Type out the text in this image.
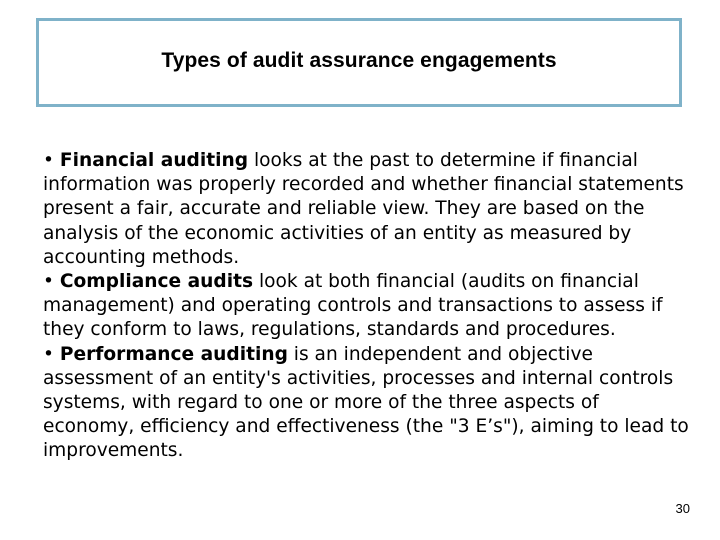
Types of audit assurance engagements

• Financial auditing looks at the past to determine if financial information was properly recorded and whether financial statements present a fair, accurate and reliable view. They are based on the analysis of the economic activities of an entity as measured by accounting methods.

• Compliance audits look at both financial (audits on financial management) and operating controls and transactions to assess if they conform to laws, regulations, standards and procedures.

• Performance auditing is an independent and objective assessment of an entity's activities, processes and internal controls systems, with regard to one or more of the three aspects of economy, efficiency and effectiveness (the "3 E’s"), aiming to lead to improvements.

30
